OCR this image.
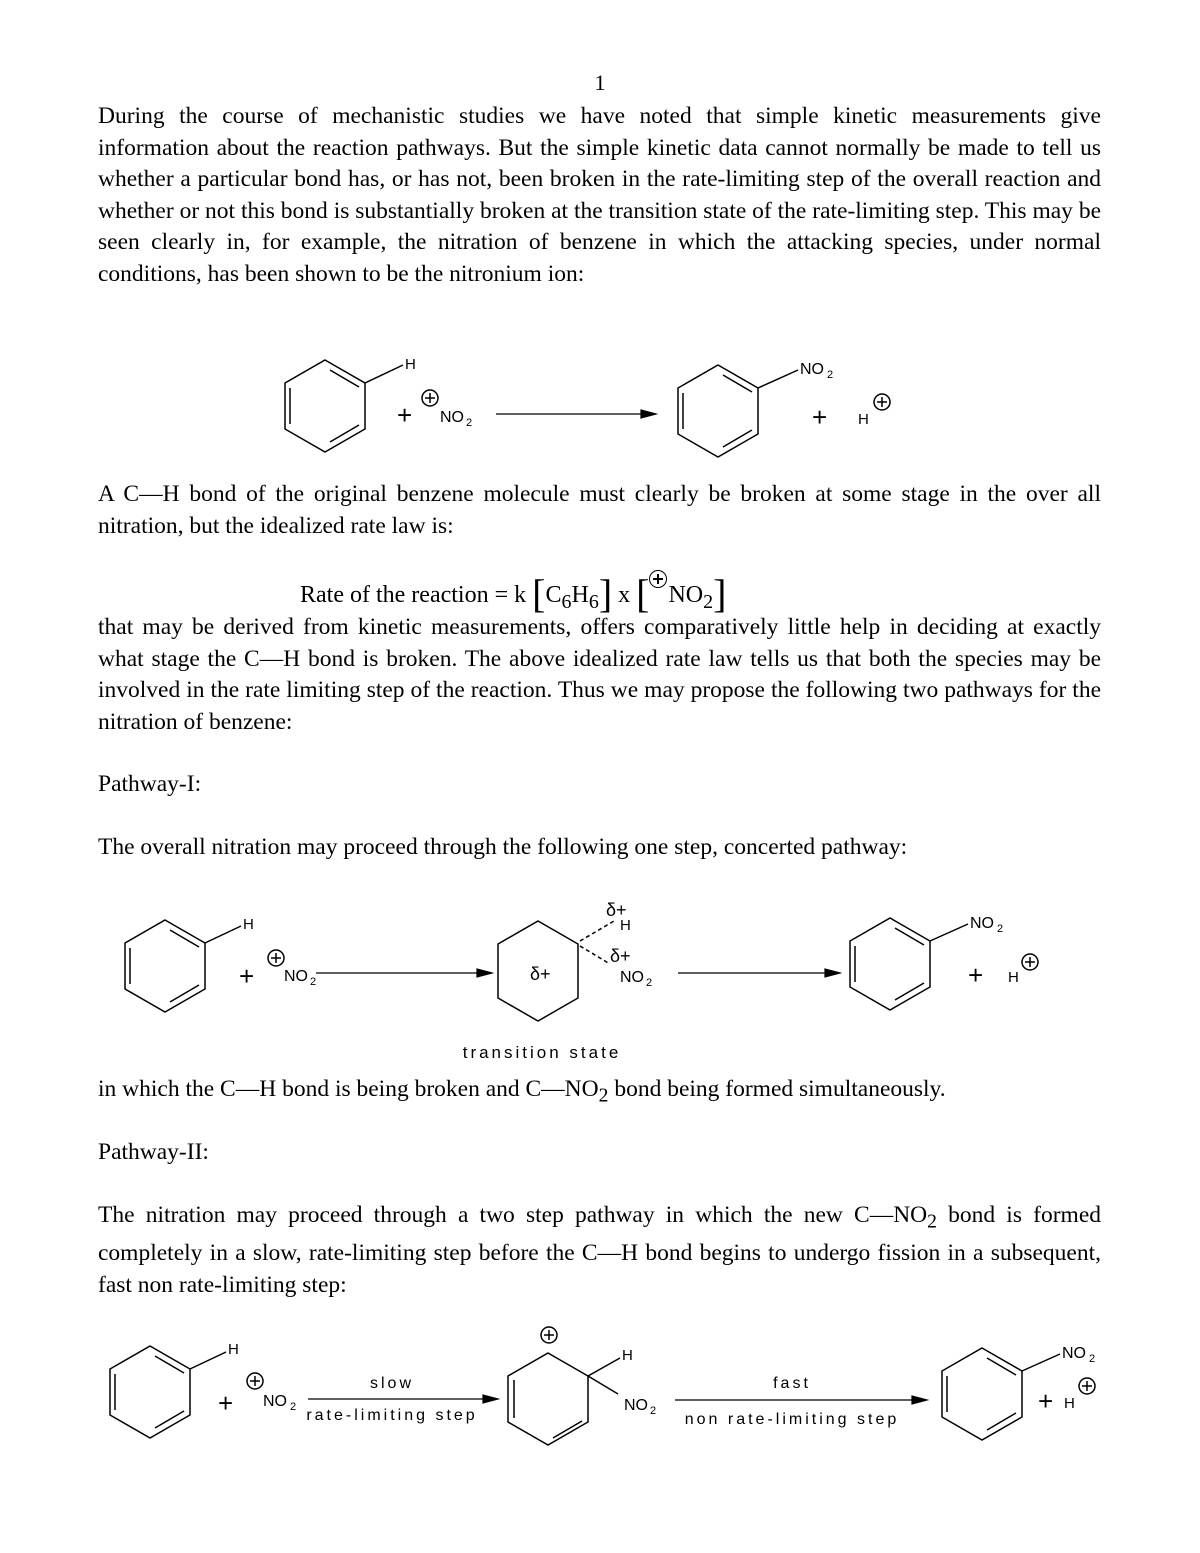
1

During the course of mechanistic studies we have noted that simple kinetic measurements give information about the reaction pathways. But the simple kinetic data cannot normally be made to tell us whether a particular bond has, or has not, been broken in the rate-limiting step of the overall reaction and whether or not this bond is substantially broken at the transition state of the rate-limiting step. This may be seen clearly in, for example, the nitration of benzene in which the attacking species, under normal conditions, has been shown to be the nitronium ion:

H
+ NO 2
NO 2
+ H

A C—H bond of the original benzene molecule must clearly be broken at some stage in the over all nitration, but the idealized rate law is:

Rate of the reaction = k $[C_6H_6]$ x [ $NO_2$]

that may be derived from kinetic measurements, offers comparatively little help in deciding at exactly what stage the C—H bond is broken. The above idealized rate law tells us that both the species may be involved in the rate limiting step of the reaction. Thus we may propose the following two pathways for the nitration of benzene:

Pathway-I:

The overall nitration may proceed through the following one step, concerted pathway:

H
+ NO 2	δ+
δ+
H
δ+
NO 2
NO 2
+ H
transition state

in which the C—H bond is being broken and $C—NO_2$ bond being formed simultaneously.

Pathway-II:

The nitration may proceed through a two step pathway in which the new $C—NO_2$ bond is formed completely in a slow, rate-limiting step before the C—H bond begins to undergo fission in a subsequent, fast non rate-limiting step:

H
+ NO 2
slow
rate-limiting step
H
NO 2
fast
non rate-limiting step
NO 2
+ H
